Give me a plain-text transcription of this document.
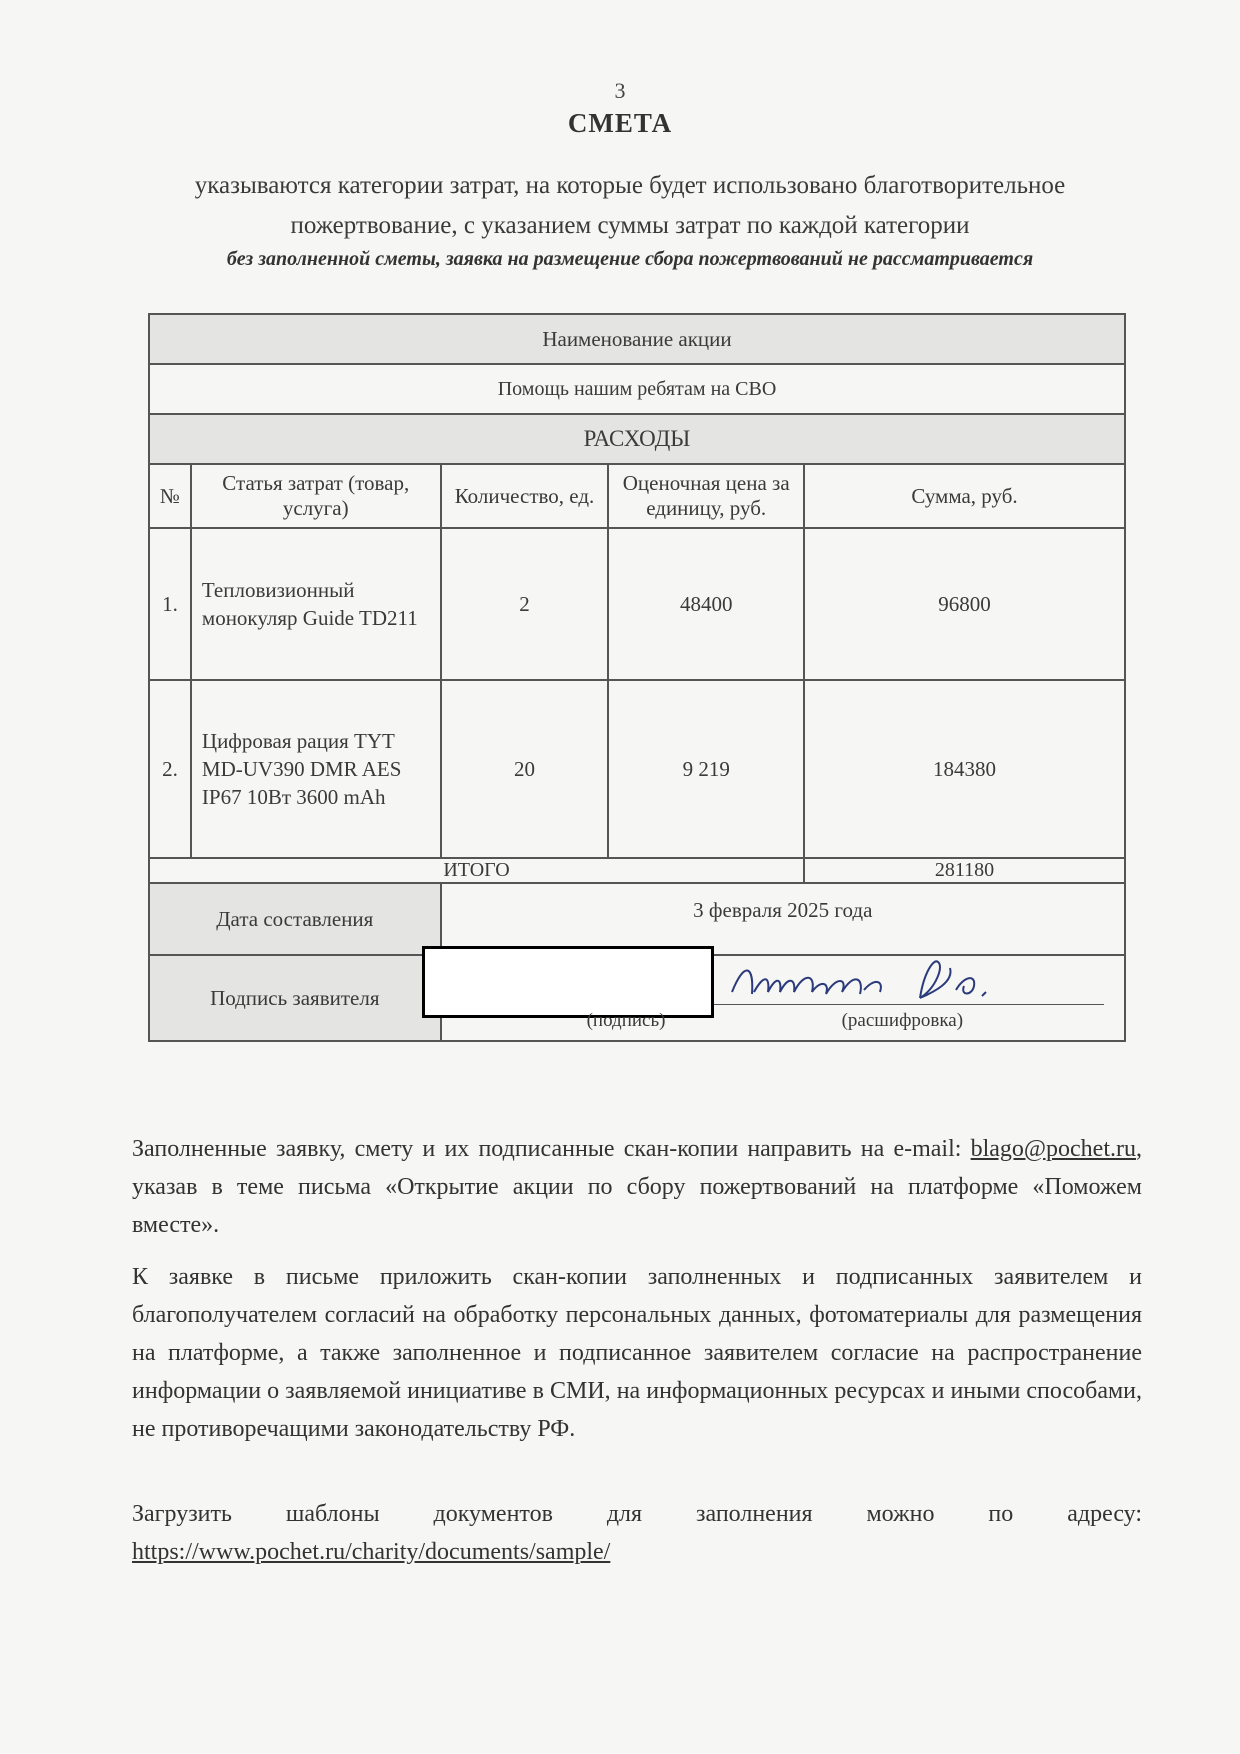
3
СМЕТА
указываются категории затрат, на которые будет использовано благотворительное
пожертвование, с указанием суммы затрат по каждой категории
без заполненной сметы, заявка на размещение сбора пожертвований не рассматривается
Наименование акции				
Помощь нашим ребятам на СВО				
РАСХОДЫ				
№	Статья затрат (товар, услуга)	Количество, ед.	Оценочная цена за единицу, руб.	Сумма, руб.
1.	Тепловизионный монокуляр Guide TD211	2	48400	96800
2.	Цифровая рация TYT MD-UV390 DMR AES IP67 10Вт 3600 mAh	20	9 219	184380
ИТОГО				281180
Дата составления		3 февраля 2025 года		
Подпись заявителя		(подпись) (расшифровка)		
Заполненные заявку, смету и их подписанные скан-копии направить на e-mail: blago@pochet.ru, указав в теме письма «Открытие акции по сбору пожертвований на платформе «Поможем вместе».
К заявке в письме приложить скан-копии заполненных и подписанных заявителем и благополучателем согласий на обработку персональных данных, фотоматериалы для размещения на платформе, а также заполненное и подписанное заявителем согласие на распространение информации о заявляемой инициативе в СМИ, на информационных ресурсах и иными способами, не противоречащими законодательству РФ.
Загрузить шаблоны документов для заполнения можно по адресу: https://www.pochet.ru/charity/documents/sample/
